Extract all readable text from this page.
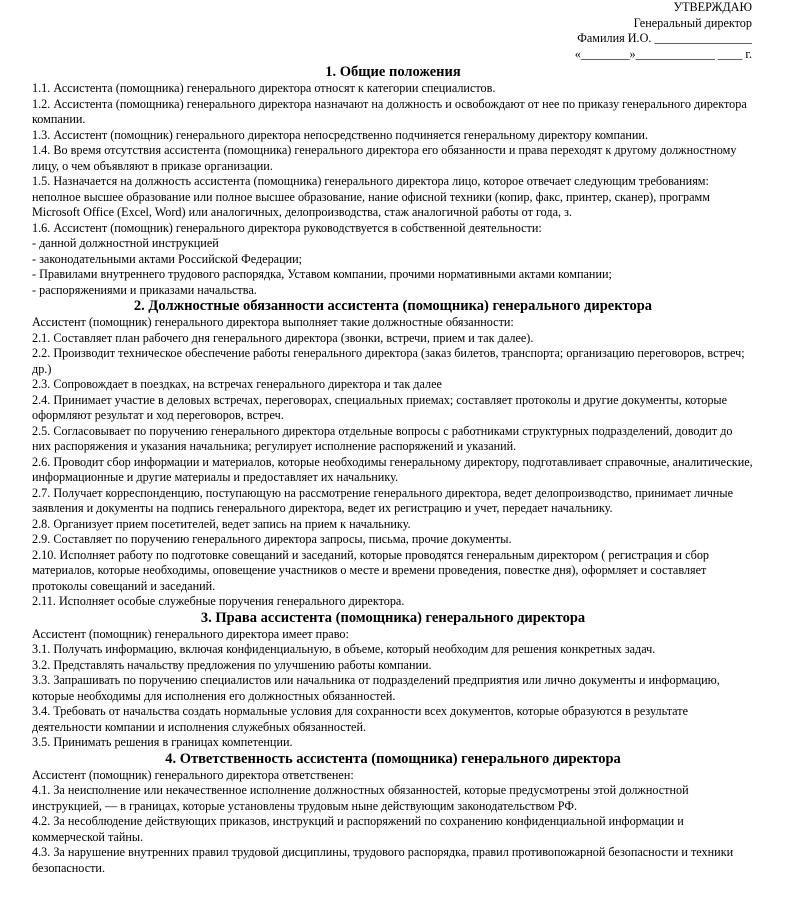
УТВЕРЖДАЮ
Генеральный директор
Фамилия И.О. ________________
«________»_____________ ____ г.
1. Общие положения
1.1. Ассистента (помощника) генерального директора относят к категории специалистов.
1.2. Ассистента (помощника) генерального директора назначают на должность и освобождают от нее по приказу генерального директора компании.
1.3. Ассистент (помощник) генерального директора непосредственно подчиняется генеральному директору компании.
1.4. Во время отсутствия ассистента (помощника) генерального директора его обязанности и права переходят к другому должностному лицу, о чем объявляют в приказе организации.
1.5. Назначается на должность ассистента (помощника) генерального директора лицо, которое отвечает следующим требованиям: неполное высшее образование или полное высшее образование, нание офисной техники (копир, факс, принтер, сканер), программ Microsoft Office (Excel, Word) или аналогичных, делопроизводства, стаж аналогичной работы от года, з.
1.6. Ассистент (помощник) генерального директора руководствуется в собственной деятельности:
- данной должностной инструкцией
- законодательными актами Российской Федерации;
- Правилами внутреннего трудового распорядка, Уставом компании, прочими нормативными актами компании;
- распоряжениями и приказами начальства.
2. Должностные обязанности ассистента (помощника) генерального директора
Ассистент (помощник) генерального директора выполняет такие должностные обязанности:
2.1. Составляет план рабочего дня генерального директора (звонки, встречи, прием и так далее).
2.2. Производит техническое обеспечение работы генерального директора (заказ билетов, транспорта; организацию переговоров, встреч; др.)
2.3. Сопровождает в поездках, на встречах генерального директора и так далее
2.4. Принимает участие в деловых встречах, переговорах, специальных приемах; составляет протоколы и другие документы, которые оформляют результат и ход переговоров, встреч.
2.5. Согласовывает по поручению генерального директора отдельные вопросы с работниками структурных подразделений, доводит до них распоряжения и указания начальника; регулирует исполнение распоряжений и указаний.
2.6. Проводит сбор информации и материалов, которые необходимы генеральному директору, подготавливает справочные, аналитические, информационные и другие материалы и предоставляет их начальнику.
2.7. Получает корреспонденцию, поступающую на рассмотрение генерального директора, ведет делопроизводство, принимает личные заявления и документы на подпись генерального директора, ведет их регистрацию и учет, передает начальнику.
2.8. Организует прием посетителей, ведет запись на прием к начальнику.
2.9. Составляет по поручению генерального директора запросы, письма, прочие документы.
2.10. Исполняет работу по подготовке совещаний и заседаний, которые проводятся генеральным директором ( регистрация и сбор материалов, которые необходимы, оповещение участников о месте и времени проведения, повестке дня), оформляет и составляет протоколы совещаний и заседаний.
2.11. Исполняет особые служебные поручения генерального директора.
3. Права ассистента (помощника) генерального директора
Ассистент (помощник) генерального директора имеет право:
3.1. Получать информацию, включая конфиденциальную, в объеме, который необходим для решения конкретных задач.
3.2. Представлять начальству предложения по улучшению работы компании.
3.3. Запрашивать по поручению специалистов или начальника от подразделений предприятия или лично документы и информацию, которые необходимы для исполнения его должностных обязанностей.
3.4. Требовать от начальства создать нормальные условия для сохранности всех документов, которые образуются в результате деятельности компании и исполнения служебных обязанностей.
3.5. Принимать решения в границах компетенции.
4. Ответственность ассистента (помощника) генерального директора
Ассистент (помощник) генерального директора ответственен:
4.1. За неисполнение или некачественное исполнение должностных обязанностей, которые предусмотрены этой должностной инструкцией, — в границах, которые установлены трудовым ныне действующим законодательством РФ.
4.2. За несоблюдение действующих приказов, инструкций и распоряжений по сохранению конфиденциальной информации и коммерческой тайны.
4.3. За нарушение внутренних правил трудовой дисциплины, трудового распорядка, правил противопожарной безопасности и техники безопасности.
